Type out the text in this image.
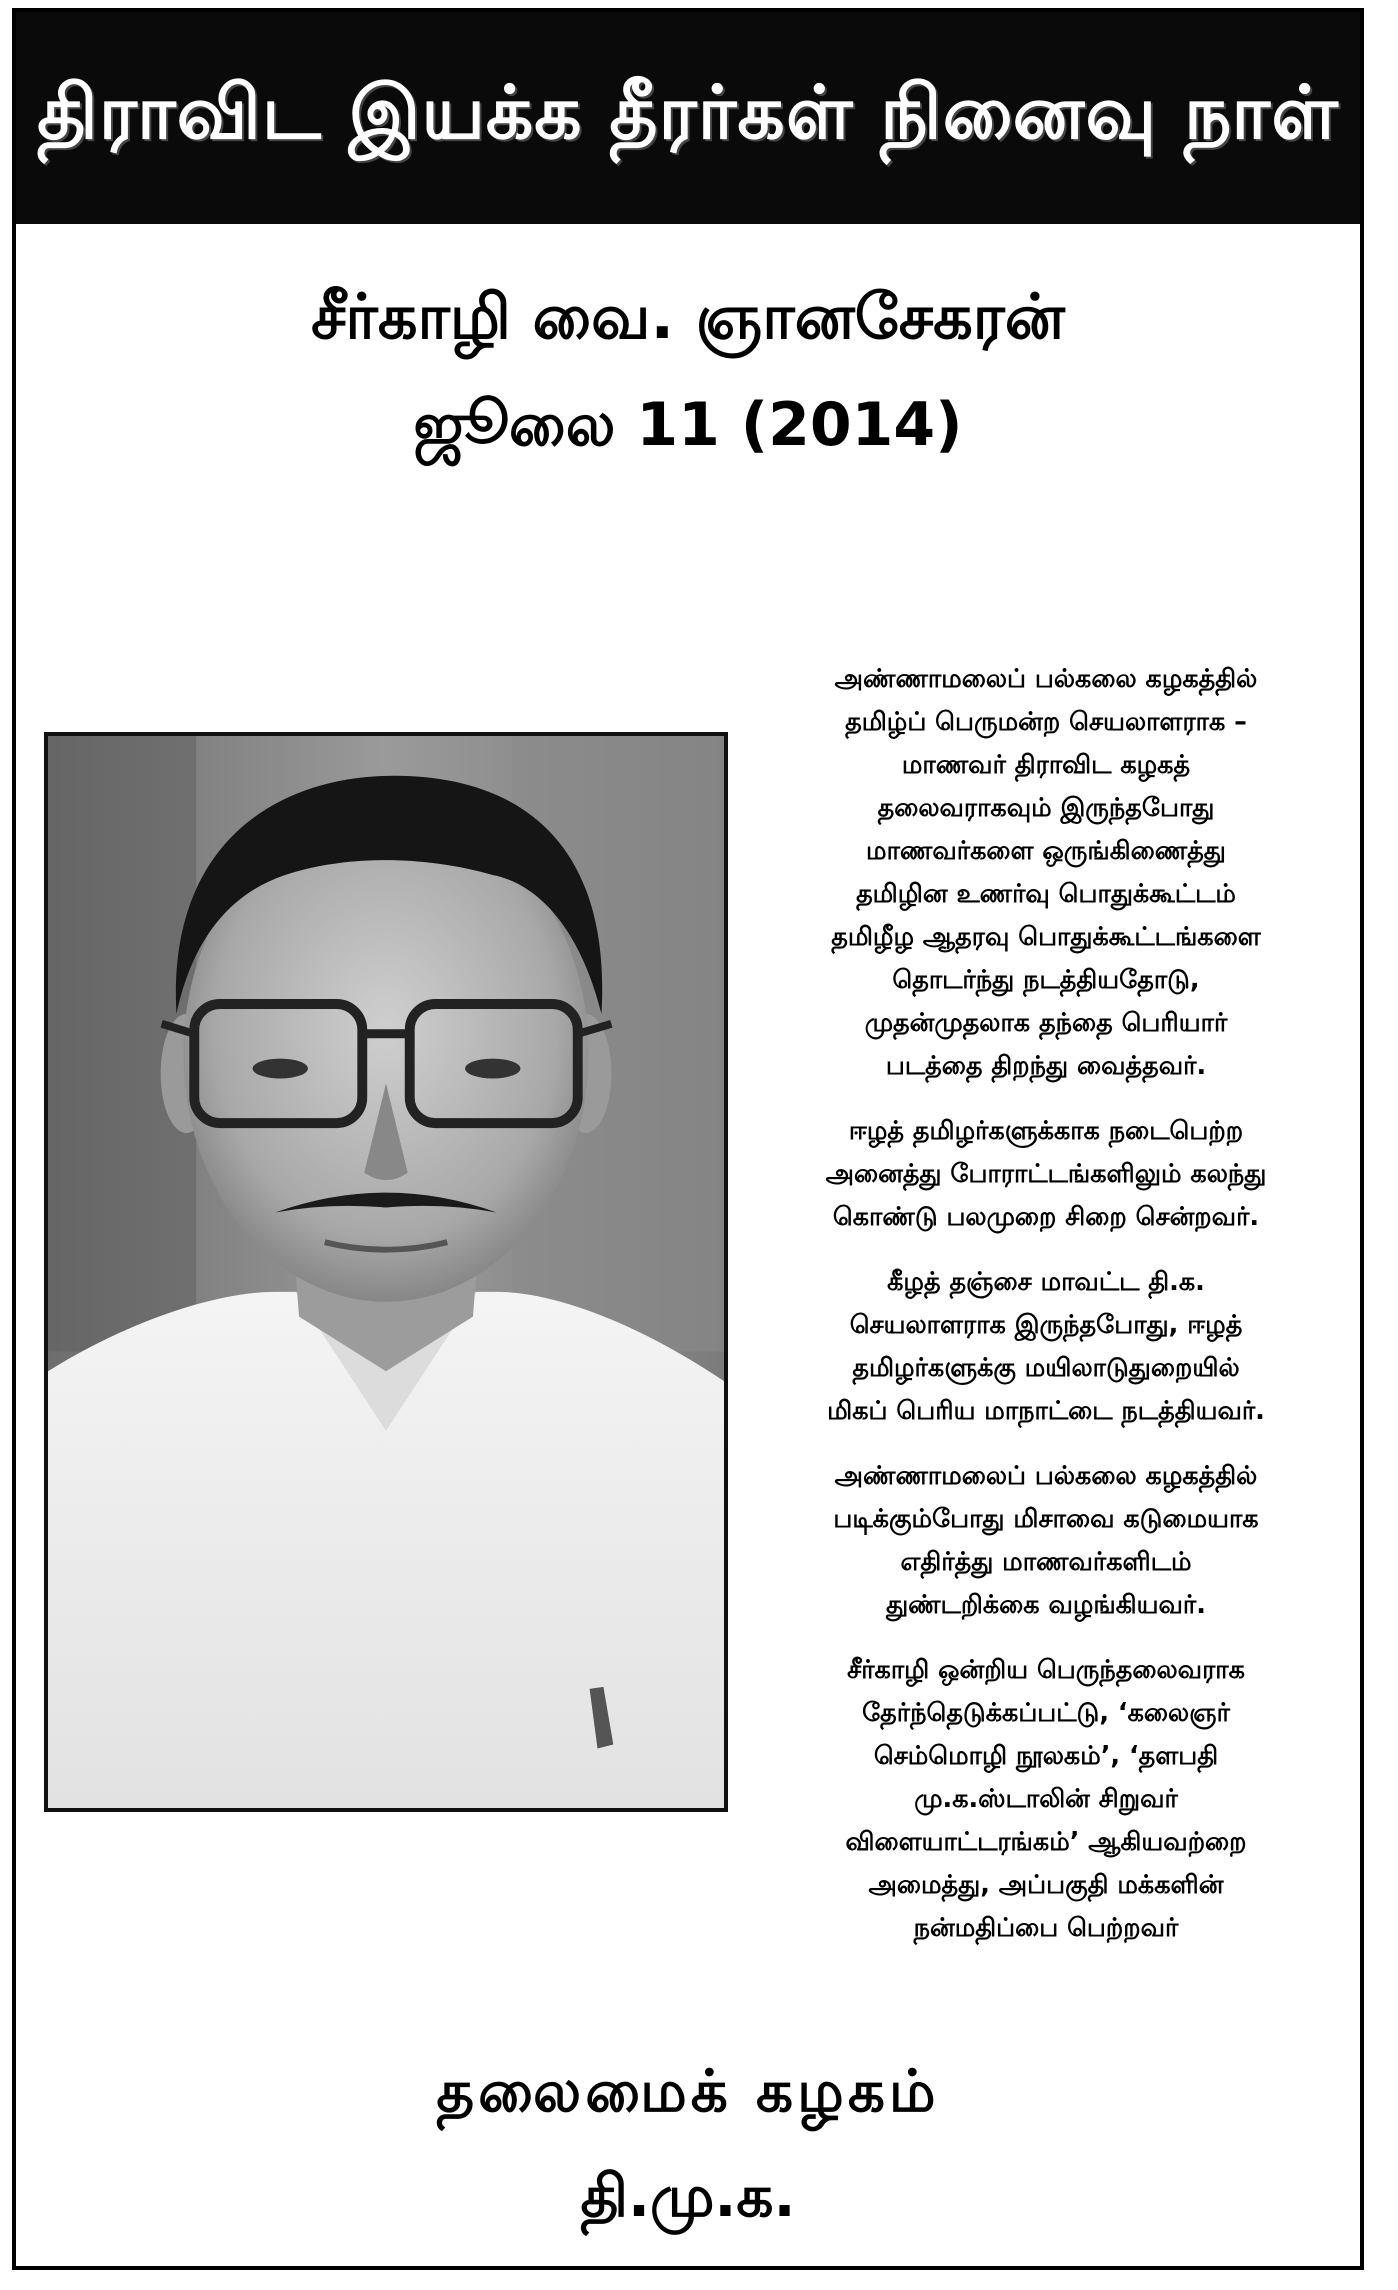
திராவிட இயக்க தீரர்கள் நினைவு நாள்
சீர்காழி வை. ஞானசேகரன்
ஜூலை 11 (2014)

அண்ணாமலைப் பல்கலை கழகத்தில்
தமிழ்ப் பெருமன்ற செயலாளராக –
மாணவர் திராவிட கழகத்
தலைவராகவும் இருந்தபோது
மாணவர்களை ஒருங்கிணைத்து
தமிழின உணர்வு பொதுக்கூட்டம்
தமிழீழ ஆதரவு பொதுக்கூட்டங்களை
தொடர்ந்து நடத்தியதோடு,
முதன்முதலாக தந்தை பெரியார்
படத்தை திறந்து வைத்தவர்.

ஈழத் தமிழர்களுக்காக நடைபெற்ற
அனைத்து போராட்டங்களிலும் கலந்து
கொண்டு பலமுறை சிறை சென்றவர்.

கீழத் தஞ்சை மாவட்ட தி.க.
செயலாளராக இருந்தபோது, ஈழத்
தமிழர்களுக்கு மயிலாடுதுறையில்
மிகப் பெரிய மாநாட்டை நடத்தியவர்.

அண்ணாமலைப் பல்கலை கழகத்தில்
படிக்கும்போது மிசாவை கடுமையாக
எதிர்த்து மாணவர்களிடம்
துண்டறிக்கை வழங்கியவர்.

சீர்காழி ஒன்றிய பெருந்தலைவராக
தேர்ந்தெடுக்கப்பட்டு, ‘கலைஞர்
செம்மொழி நூலகம்’, ‘தளபதி
மு.க.ஸ்டாலின் சிறுவர்
விளையாட்டரங்கம்’ ஆகியவற்றை
அமைத்து, அப்பகுதி மக்களின்
நன்மதிப்பை பெற்றவர்

தலைமைக் கழகம்
தி.மு.க.
